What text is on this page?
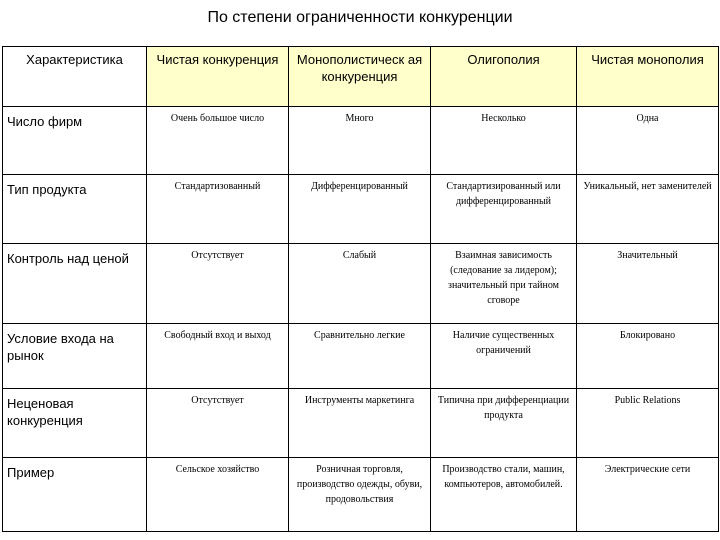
По степени ограниченности конкуренции
Характеристика	Чистая конкуренция	Монополистическ ая конкуренция	Олигополия	Чистая монополия
Число фирм	Очень большое число	Много	Несколько	Одна
Тип продукта	Стандартизованный	Дифференцированный	Стандартизированный или дифференцированный	Уникальный, нет заменителей
Контроль над ценой	Отсутствует	Слабый	Взаимная зависимость (следование за лидером); значительный при тайном сговоре	Значительный
Условие входа на рынок	Свободный вход и выход	Сравнительно легкие	Наличие существенных ограничений	Блокировано
Неценовая конкуренция	Отсутствует	Инструменты маркетинга	Типична при дифференциации продукта	Public Relations
Пример	Сельское хозяйство	Розничная торговля, производство одежды, обуви, продовольствия	Производство стали, машин, компьютеров, автомобилей.	Электрические сети
